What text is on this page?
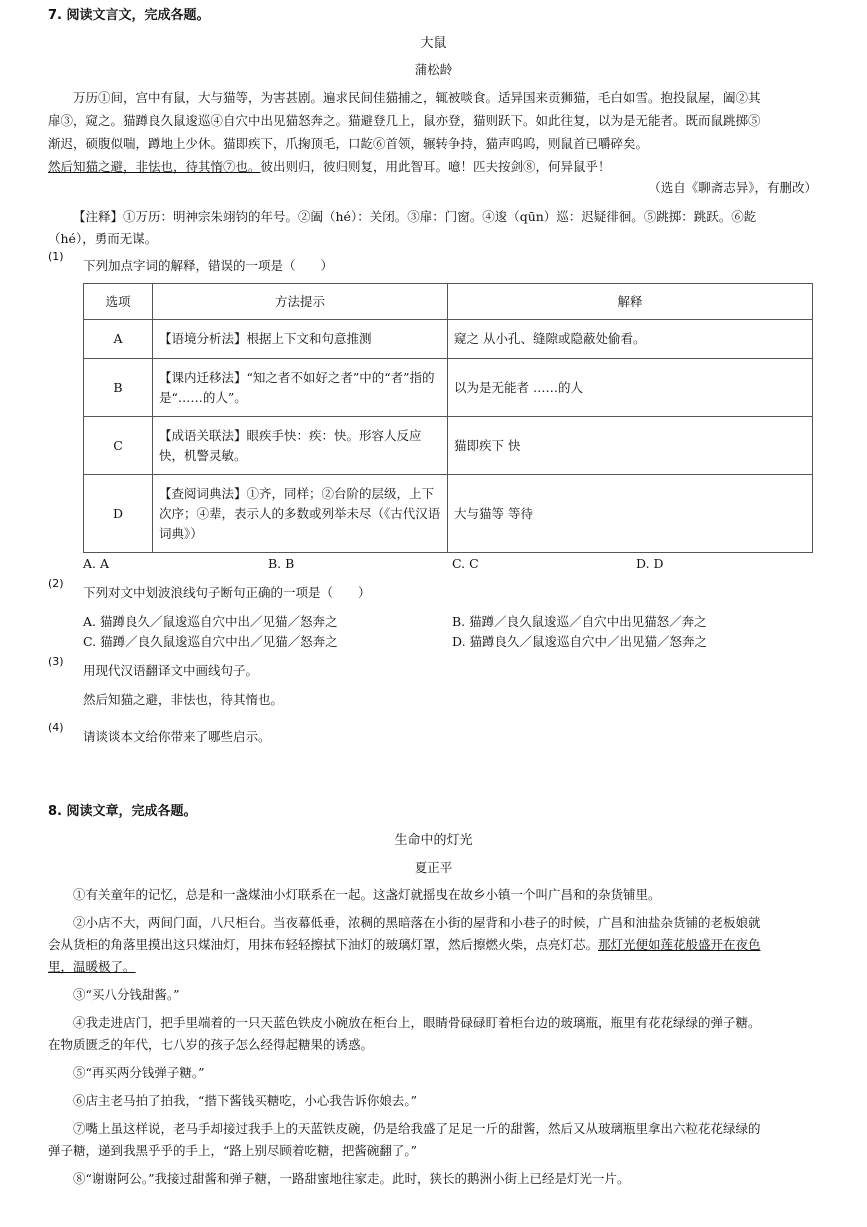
7. 阅读文言文，完成各题。
大鼠
蒲松龄
万历①间，宫中有鼠，大与猫等，为害甚剧。遍求民间佳猫捕之，辄被啖食。适异国来贡狮猫，毛白如雪。抱投鼠屋，阖②其
扉③，窥之。猫蹲良久鼠逡巡④自穴中出见猫怒奔之。猫避登几上，鼠亦登，猫则跃下。如此往复，以为是无能者。既而鼠跳掷⑤
渐迟，硕腹似喘，蹲地上少休。猫即疾下，爪掬顶毛，口龁⑥首领，辗转争持，猫声呜呜，则鼠首已嚼碎矣。
然后知猫之避，非怯也，待其惰⑦也。彼出则归，彼归则复，用此智耳。噫！匹夫按剑⑧，何异鼠乎！
（选自《聊斋志异》，有删改）
【注释】①万历：明神宗朱翊钧的年号。②阖（hé）：关闭。③扉：门窗。④逡（qūn）巡：迟疑徘徊。⑤跳掷：跳跃。⑥龁
（hé），勇而无谋。
(1)
下列加点字词的解释，错误的一项是（　　）
选项	方法提示	解释
A	【语境分析法】根据上下文和句意推测	窥之 从小孔、缝隙或隐蔽处偷看。
B	【课内迁移法】“知之者不如好之者”中的“者”指的是“……的人”。	以为是无能者 ……的人
C	【成语关联法】眼疾手快：疾：快。形容人反应快，机警灵敏。	猫即疾下 快
D	【查阅词典法】①齐，同样；②台阶的层级，上下次序；④辈，表示人的多数或列举未尽（《古代汉语词典》）	大与猫等 等待
A. A	B. B	C. C	D. D
(2)
下列对文中划波浪线句子断句正确的一项是（　　）
A. 猫蹲良久／鼠逡巡自穴中出／见猫／怒奔之	B. 猫蹲／良久鼠逡巡／自穴中出见猫怒／奔之
C. 猫蹲／良久鼠逡巡自穴中出／见猫／怒奔之	D. 猫蹲良久／鼠逡巡自穴中／出见猫／怒奔之
(3)
用现代汉语翻译文中画线句子。
然后知猫之避，非怯也，待其惰也。
(4)
请谈谈本文给你带来了哪些启示。
8. 阅读文章，完成各题。
生命中的灯光
夏正平
①有关童年的记忆，总是和一盏煤油小灯联系在一起。这盏灯就摇曳在故乡小镇一个叫广昌和的杂货铺里。
②小店不大，两间门面，八尺柜台。当夜幕低垂，浓稠的黑暗落在小街的屋背和小巷子的时候，广昌和油盐杂货铺的老板娘就
会从货柜的角落里摸出这只煤油灯，用抹布轻轻擦拭下油灯的玻璃灯罩，然后擦燃火柴，点亮灯芯。那灯光便如莲花般盛开在夜色
里，温暖极了。
③“买八分钱甜酱。”
④我走进店门，把手里端着的一只天蓝色铁皮小碗放在柜台上，眼睛骨碌碌盯着柜台边的玻璃瓶，瓶里有花花绿绿的弹子糖。
在物质匮乏的年代，七八岁的孩子怎么经得起糖果的诱惑。
⑤“再买两分钱弹子糖。”
⑥店主老马拍了拍我，“揩下酱钱买糖吃，小心我告诉你娘去。”
⑦嘴上虽这样说，老马手却接过我手上的天蓝铁皮碗，仍是给我盛了足足一斤的甜酱，然后又从玻璃瓶里拿出六粒花花绿绿的
弹子糖，递到我黑乎乎的手上，“路上别尽顾着吃糖，把酱碗翻了。”
⑧“谢谢阿公。”我接过甜酱和弹子糖，一路甜蜜地往家走。此时，狭长的鹅洲小街上已经是灯光一片。
